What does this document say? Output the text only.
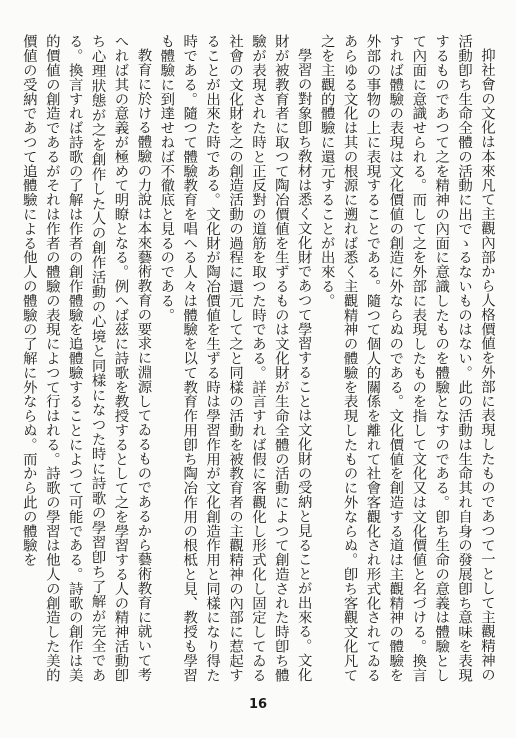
抑社會の文化は本來凡て主觀內部から人格價値を外部に表現したものであつて一として主觀精神の活動卽ち生命全體の活動に出でゝるないものはない。此の活動は生命其れ自身の發展卽ち意味を表現するものであつて之を精神の內面に意識したものを體驗となすのである。卽ち生命の意義は體驗として內面に意識せられる。而して之を外部に表現したものを指して文化又は文化價値と名づける。換言すれば體驗の表現は文化價値の創造に外ならぬのである。文化價値を創造する道は主觀精神の體驗を外部の事物の上に表現することである。隨つて個人的關係を離れて社會客觀化され形式化されてゐるあらゆる文化は其の根源に遡れば悉く主觀精神の體驗を表現したものに外ならぬ。卽ち客觀文化凡て之を主觀的體驗に還元することが出來る。

學習の對象卽ち敎材は悉く文化財であつて學習することは文化財の受納と見ることが出來る。文化財が被教育者に取つて陶冶價値を生ずるものは文化財が生命全體の活動によつて創造された時卽ち體驗が表現された時と正反對の道筋を取つた時である。詳言すれば假に客觀化し形式化し固定してゐる社會の文化財を之の創造活動の過程に還元して之と同樣の活動を被教育者の主觀精神の內部に惹起することが出來た時である。文化財が陶冶價値を生ずる時は學習作用が文化創造作用と同樣になり得た時である。隨つて體驗教育を唱へる人々は體驗を以て教育作用卽ち陶冶作用の根柢と見、教授も學習も體驗に到達せねば不徹底と見るのである。

教育に於ける體驗の力說は本來藝術教育の要求に淵源してゐるものであるから藝術教育に就いて考へれば其の意義が極めて明瞭となる。例へば茲に詩歌を教授するとして之を學習する人の精神活動卽ち心理狀態が之を創作した人の創作活動の心境と同樣になつた時に詩歌の學習卽ち了解が完全である。換言すれば詩歌の了解は作者の創作體驗を追體驗することによつて可能である。詩歌の創作は美的價値の創造であるがそれは作者の體驗の表現によつて行はれる。詩歌の學習は他人の創造した美的價値の受納であつて追體驗による他人の體驗の了解に外ならぬ。而から此の體驗を

16
